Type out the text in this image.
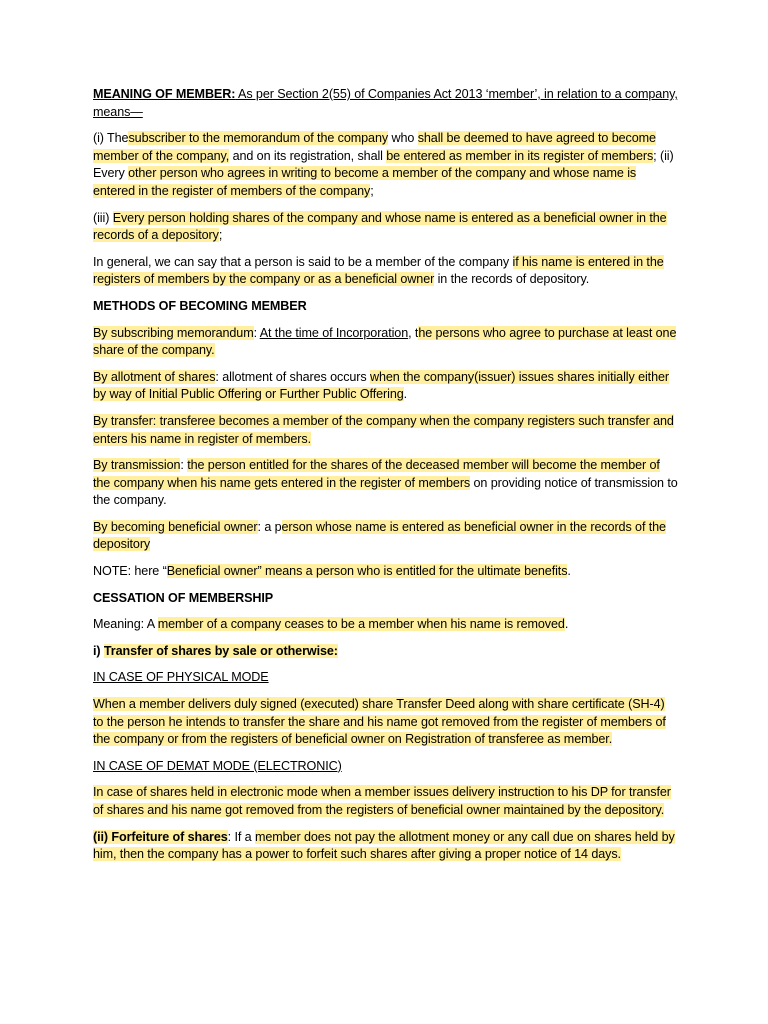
MEANING OF MEMBER: As per Section 2(55) of Companies Act 2013 ‘member’, in relation to a company, means—

(i) Thesubscriber to the memorandum of the company who shall be deemed to have agreed to become member of the company, and on its registration, shall be entered as member in its register of members; (ii) Every other person who agrees in writing to become a member of the company and whose name is entered in the register of members of the company;

(iii) Every person holding shares of the company and whose name is entered as a beneficial owner in the records of a depository;

In general, we can say that a person is said to be a member of the company if his name is entered in the registers of members by the company or as a beneficial owner in the records of depository.

METHODS OF BECOMING MEMBER

By subscribing memorandum: At the time of Incorporation, the persons who agree to purchase at least one share of the company.

By allotment of shares: allotment of shares occurs when the company(issuer) issues shares initially either by way of Initial Public Offering or Further Public Offering.

By transfer: transferee becomes a member of the company when the company registers such transfer and enters his name in register of members.

By transmission: the person entitled for the shares of the deceased member will become the member of the company when his name gets entered in the register of members on providing notice of transmission to the company.

By becoming beneficial owner: a person whose name is entered as beneficial owner in the records of the depository

NOTE: here “Beneficial owner” means a person who is entitled for the ultimate benefits.

CESSATION OF MEMBERSHIP

Meaning: A member of a company ceases to be a member when his name is removed.

i) Transfer of shares by sale or otherwise:

IN CASE OF PHYSICAL MODE

When a member delivers duly signed (executed) share Transfer Deed along with share certificate (SH-4) to the person he intends to transfer the share and his name got removed from the register of members of the company or from the registers of beneficial owner on Registration of transferee as member.

IN CASE OF DEMAT MODE (ELECTRONIC)

In case of shares held in electronic mode when a member issues delivery instruction to his DP for transfer of shares and his name got removed from the registers of beneficial owner maintained by the depository.

(ii) Forfeiture of shares: If a member does not pay the allotment money or any call due on shares held by him, then the company has a power to forfeit such shares after giving a proper notice of 14 days.
